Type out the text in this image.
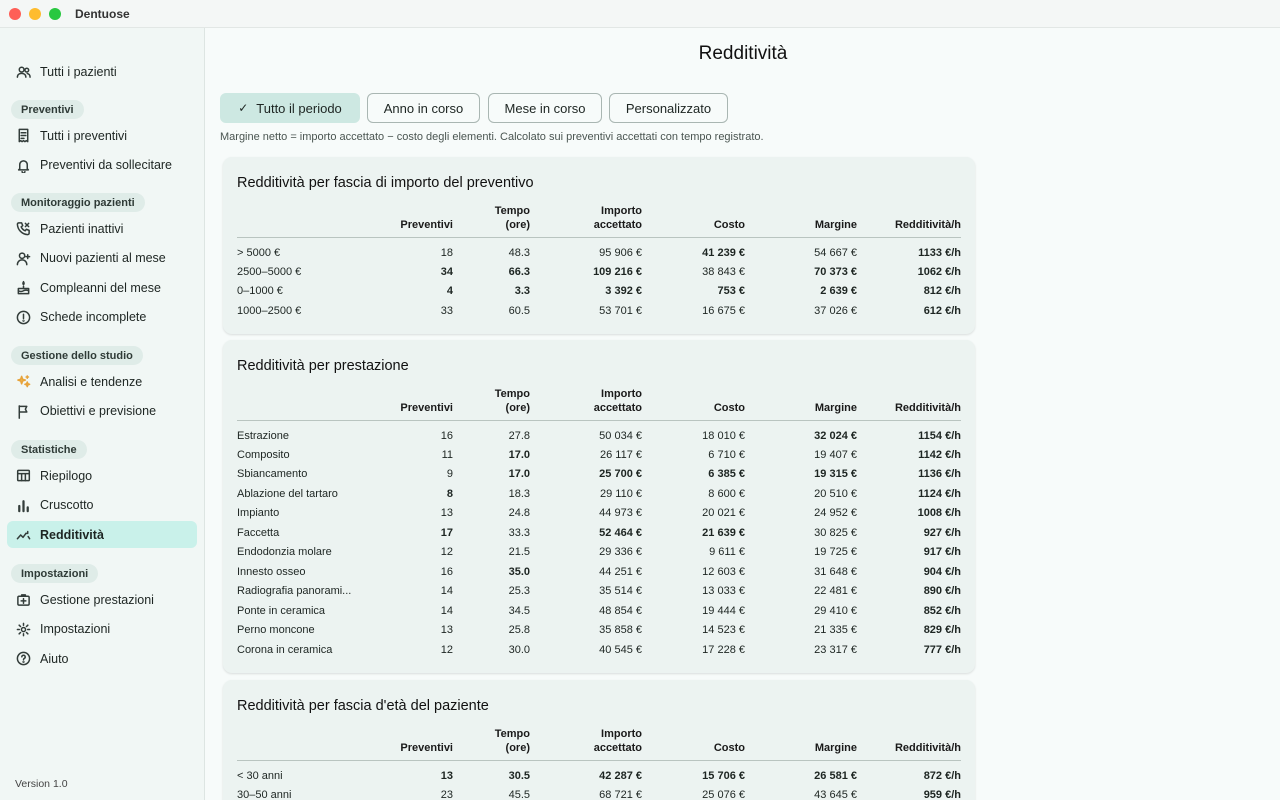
Dentuose
Version 1.0
Tutti i pazienti
Preventivi
Tutti i preventivi
Preventivi da sollecitare
Monitoraggio pazienti
Pazienti inattivi
Nuovi pazienti al mese
Compleanni del mese
Schede incomplete
Gestione dello studio
Analisi e tendenze
Obiettivi e previsione
Statistiche
Riepilogo
Cruscotto
Redditività
Impostazioni
Gestione prestazioni
Impostazioni
Aiuto
Redditività
Margine netto = importo accettato − costo degli elementi. Calcolato sui preventivi accettati con tempo registrato.
✓ Tutto il periodo	Anno in corso	Mese in corso	Personalizzato
Redditività per fascia di importo del preventivo
	Preventivi	Tempo
(ore)	Importo
accettato	Costo	Margine	Redditività/h
> 5000 €	18	48.3	95 906 €	41 239 €	54 667 €	1133 €/h
2500–5000 €	34	66.3	109 216 €	38 843 €	70 373 €	1062 €/h
0–1000 €	4	3.3	3 392 €	753 €	2 639 €	812 €/h
1000–2500 €	33	60.5	53 701 €	16 675 €	37 026 €	612 €/h
Redditività per prestazione
	Preventivi	Tempo
(ore)	Importo
accettato	Costo	Margine	Redditività/h
Estrazione	16	27.8	50 034 €	18 010 €	32 024 €	1154 €/h
Composito	11	17.0	26 117 €	6 710 €	19 407 €	1142 €/h
Sbiancamento	9	17.0	25 700 €	6 385 €	19 315 €	1136 €/h
Ablazione del tartaro	8	18.3	29 110 €	8 600 €	20 510 €	1124 €/h
Impianto	13	24.8	44 973 €	20 021 €	24 952 €	1008 €/h
Faccetta	17	33.3	52 464 €	21 639 €	30 825 €	927 €/h
Endodonzia molare	12	21.5	29 336 €	9 611 €	19 725 €	917 €/h
Innesto osseo	16	35.0	44 251 €	12 603 €	31 648 €	904 €/h
Radiografia panorami...	14	25.3	35 514 €	13 033 €	22 481 €	890 €/h
Ponte in ceramica	14	34.5	48 854 €	19 444 €	29 410 €	852 €/h
Perno moncone	13	25.8	35 858 €	14 523 €	21 335 €	829 €/h
Corona in ceramica	12	30.0	40 545 €	17 228 €	23 317 €	777 €/h
Redditività per fascia d'età del paziente
	Preventivi	Tempo
(ore)	Importo
accettato	Costo	Margine	Redditività/h
< 30 anni	13	30.5	42 287 €	15 706 €	26 581 €	872 €/h
30–50 anni	23	45.5	68 721 €	25 076 €	43 645 €	959 €/h
